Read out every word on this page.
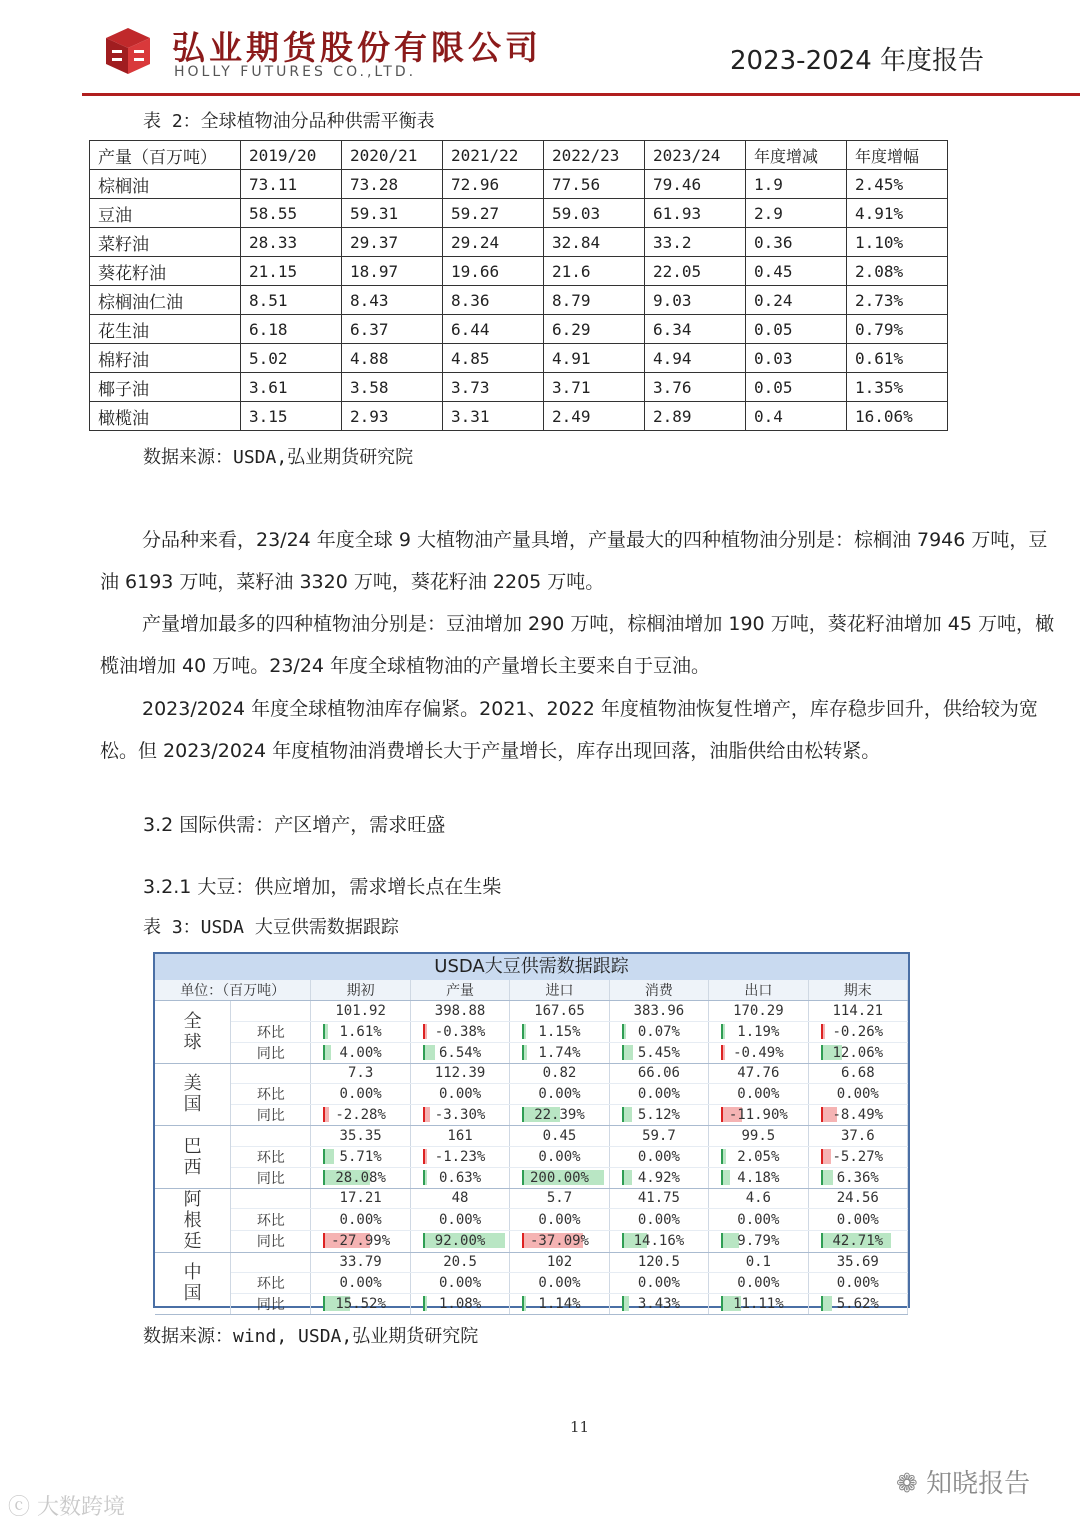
弘业期货股份有限公司
HOLLY FUTURES CO.,LTD.	2023-2024 年度报告
表 2：全球植物油分品种供需平衡表
产量（百万吨）	2019/20	2020/21	2021/22	2022/23	2023/24	年度增减	年度增幅
棕榈油	73.11	73.28	72.96	77.56	79.46	1.9	2.45%
豆油	58.55	59.31	59.27	59.03	61.93	2.9	4.91%
菜籽油	28.33	29.37	29.24	32.84	33.2	0.36	1.10%
葵花籽油	21.15	18.97	19.66	21.6	22.05	0.45	2.08%
棕榈油仁油	8.51	8.43	8.36	8.79	9.03	0.24	2.73%
花生油	6.18	6.37	6.44	6.29	6.34	0.05	0.79%
棉籽油	5.02	4.88	4.85	4.91	4.94	0.03	0.61%
椰子油	3.61	3.58	3.73	3.71	3.76	0.05	1.35%
橄榄油	3.15	2.93	3.31	2.49	2.89	0.4	16.06%
数据来源：USDA,弘业期货研究院
分品种来看，23/24 年度全球 9 大植物油产量具增，产量最大的四种植物油分别是：棕榈油 7946 万吨，豆油 6193 万吨，菜籽油 3320 万吨，葵花籽油 2205 万吨。
产量增加最多的四种植物油分别是：豆油增加 290 万吨，棕榈油增加 190 万吨，葵花籽油增加 45 万吨，橄榄油增加 40 万吨。23/24 年度全球植物油的产量增长主要来自于豆油。
2023/2024 年度全球植物油库存偏紧。2021、2022 年度植物油恢复性增产，库存稳步回升，供给较为宽松。但 2023/2024 年度植物油消费增长大于产量增长，库存出现回落，油脂供给由松转紧。
3.2 国际供需：产区增产，需求旺盛
3.2.1 大豆：供应增加，需求增长点在生柴
表 3：USDA 大豆供需数据跟踪
USDA大豆供需数据跟踪
单位：（百万吨）		期初	产量	进口	消费	出口	期末
全
球		101.92	398.88	167.65	383.96	170.29	114.21
	环比	1.61%	-0.38%	1.15%	0.07%	1.19%	-0.26%
	同比	4.00%	6.54%	1.74%	5.45%	-0.49%	12.06%
美
国		7.3	112.39	0.82	66.06	47.76	6.68
	环比	0.00%	0.00%	0.00%	0.00%	0.00%	0.00%
	同比	-2.28%	-3.30%	22.39%	5.12%	-11.90%	-8.49%
巴
西		35.35	161	0.45	59.7	99.5	37.6
	环比	5.71%	-1.23%	0.00%	0.00%	2.05%	-5.27%
	同比	28.08%	0.63%	200.00%	4.92%	4.18%	6.36%
阿
根
廷		17.21	48	5.7	41.75	4.6	24.56
	环比	0.00%	0.00%	0.00%	0.00%	0.00%	0.00%
	同比	-27.99%	92.00%	-37.09%	14.16%	9.79%	42.71%
中
国		33.79	20.5	102	120.5	0.1	35.69
	环比	0.00%	0.00%	0.00%	0.00%	0.00%	0.00%
	同比	15.52%	1.08%	1.14%	3.43%	11.11%	5.62%
数据来源：wind, USDA,弘业期货研究院
11
ⓒ 大数跨境
❁ 知晓报告
